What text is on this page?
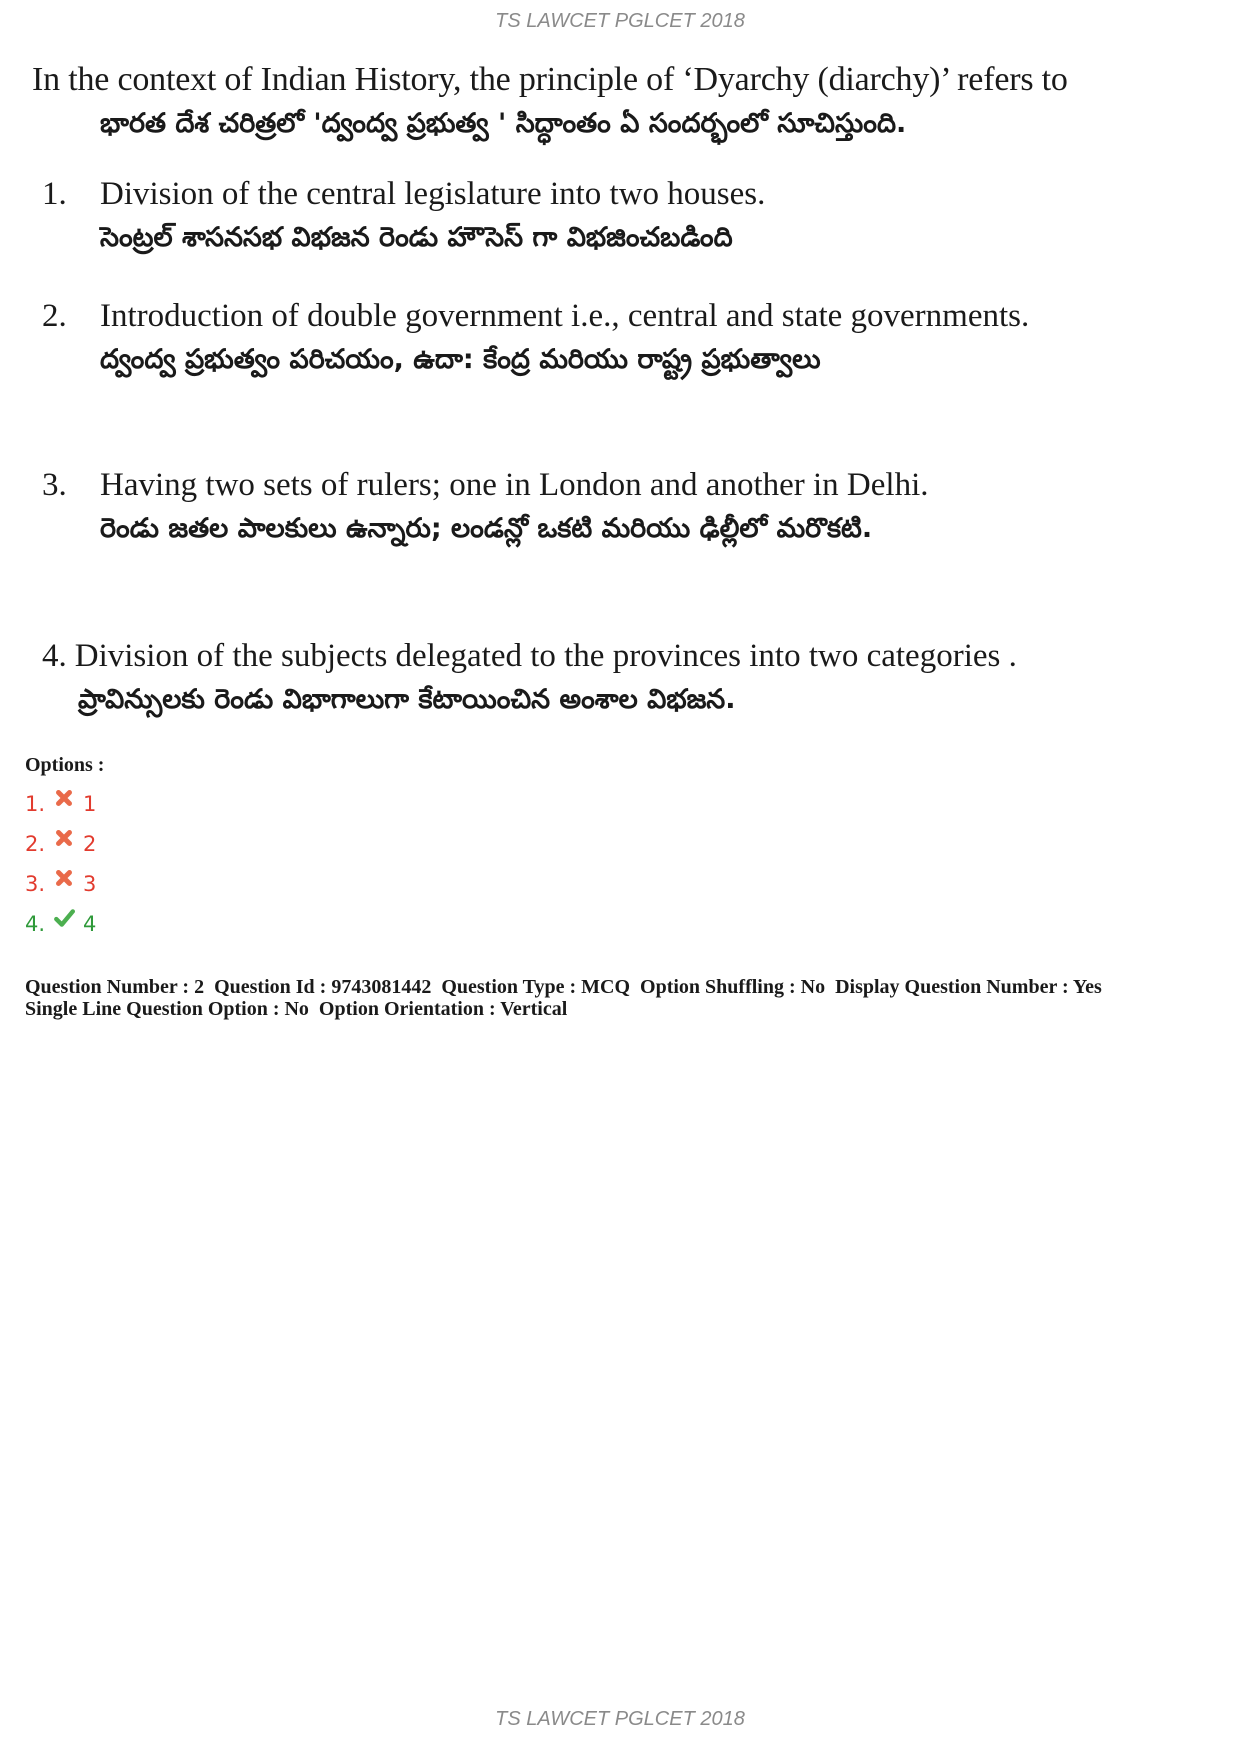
TS LAWCET PGLCET 2018
In the context of Indian History, the principle of ‘Dyarchy (diarchy)’ refers to
భారత దేశ చరిత్రలో 'ద్వంద్వ ప్రభుత్వ ' సిద్ధాంతం ఏ సందర్భంలో సూచిస్తుంది.
1. Division of the central legislature into two houses.
సెంట్రల్ శాసనసభ విభజన రెండు హౌసెస్ గా విభజించబడింది
2. Introduction of double government i.e., central and state governments.
ద్వంద్వ ప్రభుత్వం పరిచయం, ఉదా: కేంద్ర మరియు రాష్ట్ర ప్రభుత్వాలు
3. Having two sets of rulers; one in London and another in Delhi.
రెండు జతల పాలకులు ఉన్నారు; లండన్లో ఒకటి మరియు ఢిల్లీలో మరొకటి.
4. Division of the subjects delegated to the provinces into two categories .
ప్రావిన్సులకు రెండు విభాగాలుగా కేటాయించిన అంశాల విభజన.
Options :
1.	1
2.	2
3.	3
4.	4
Question Number : 2  Question Id : 9743081442  Question Type : MCQ  Option Shuffling : No  Display Question Number : Yes
Single Line Question Option : No  Option Orientation : Vertical
TS LAWCET PGLCET 2018
